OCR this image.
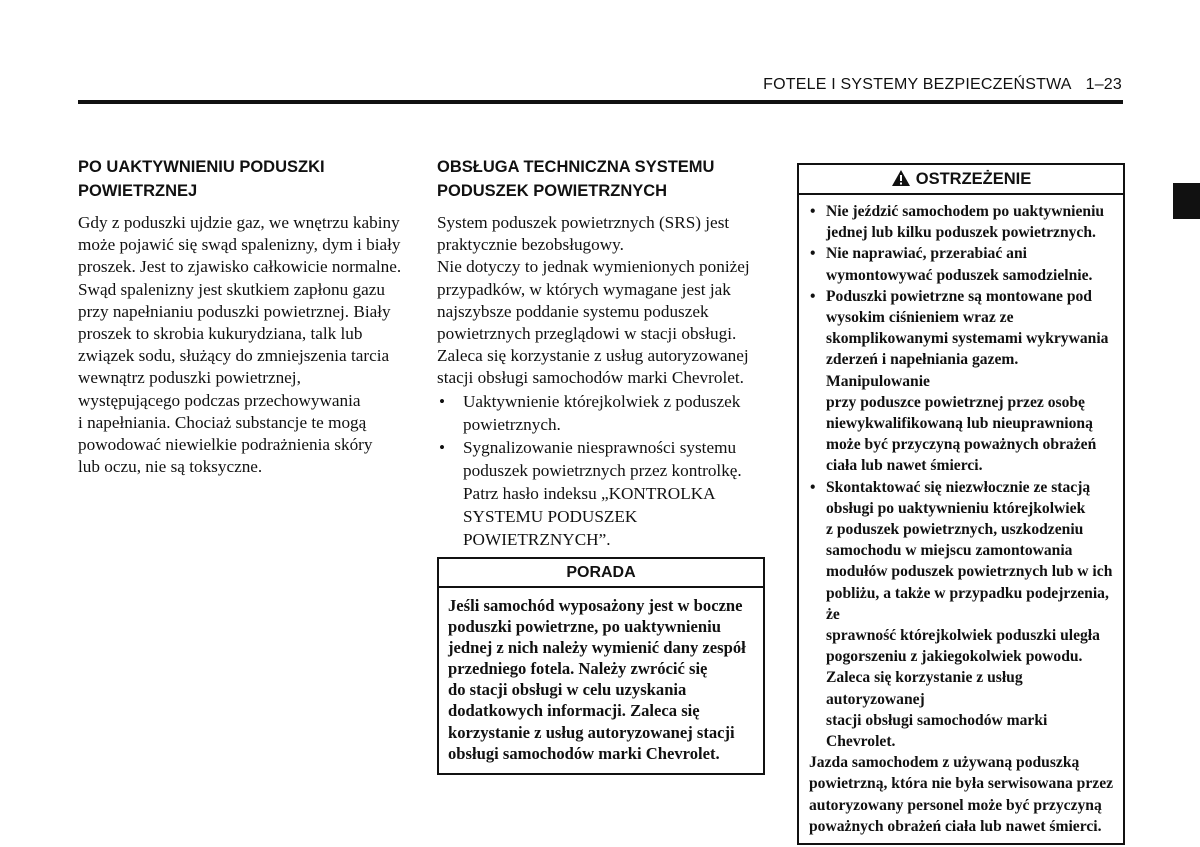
FOTELE I SYSTEMY BEZPIECZEŃSTWA 1–23
PO UAKTYWNIENIU PODUSZKI
POWIETRZNEJ
Gdy z poduszki ujdzie gaz, we wnętrzu kabiny
może pojawić się swąd spalenizny, dym i biały
proszek. Jest to zjawisko całkowicie normalne.
Swąd spalenizny jest skutkiem zapłonu gazu
przy napełnianiu poduszki powietrznej. Biały
proszek to skrobia kukurydziana, talk lub
związek sodu, służący do zmniejszenia tarcia
wewnątrz poduszki powietrznej,
występującego podczas przechowywania
i napełniania. Chociaż substancje te mogą
powodować niewielkie podrażnienia skóry
lub oczu, nie są toksyczne.
OBSŁUGA TECHNICZNA SYSTEMU
PODUSZEK POWIETRZNYCH
System poduszek powietrznych (SRS) jest
praktycznie bezobsługowy.
Nie dotyczy to jednak wymienionych poniżej
przypadków, w których wymagane jest jak
najszybsze poddanie systemu poduszek
powietrznych przeglądowi w stacji obsługi.
Zaleca się korzystanie z usług autoryzowanej
stacji obsługi samochodów marki Chevrolet.
• Uaktywnienie którejkolwiek z poduszek
powietrznych.
• Sygnalizowanie niesprawności systemu
poduszek powietrznych przez kontrolkę.
Patrz hasło indeksu „KONTROLKA
SYSTEMU PODUSZEK
POWIETRZNYCH”.
PORADA
Jeśli samochód wyposażony jest w boczne
poduszki powietrzne, po uaktywnieniu
jednej z nich należy wymienić dany zespół
przedniego fotela. Należy zwrócić się
do stacji obsługi w celu uzyskania
dodatkowych informacji. Zaleca się
korzystanie z usług autoryzowanej stacji
obsługi samochodów marki Chevrolet.
OSTRZEŻENIE
• Nie jeździć samochodem po uaktywnieniu
jednej lub kilku poduszek powietrznych.
• Nie naprawiać, przerabiać ani
wymontowywać poduszek samodzielnie.
• Poduszki powietrzne są montowane pod
wysokim ciśnieniem wraz ze
skomplikowanymi systemami wykrywania
zderzeń i napełniania gazem. Manipulowanie
przy poduszce powietrznej przez osobę
niewykwalifikowaną lub nieuprawnioną
może być przyczyną poważnych obrażeń
ciała lub nawet śmierci.
• Skontaktować się niezwłocznie ze stacją
obsługi po uaktywnieniu którejkolwiek
z poduszek powietrznych, uszkodzeniu
samochodu w miejscu zamontowania
modułów poduszek powietrznych lub w ich
pobliżu, a także w przypadku podejrzenia, że
sprawność którejkolwiek poduszki uległa
pogorszeniu z jakiegokolwiek powodu.
Zaleca się korzystanie z usług autoryzowanej
stacji obsługi samochodów marki Chevrolet.
Jazda samochodem z używaną poduszką
powietrzną, która nie była serwisowana przez
autoryzowany personel może być przyczyną
poważnych obrażeń ciała lub nawet śmierci.
